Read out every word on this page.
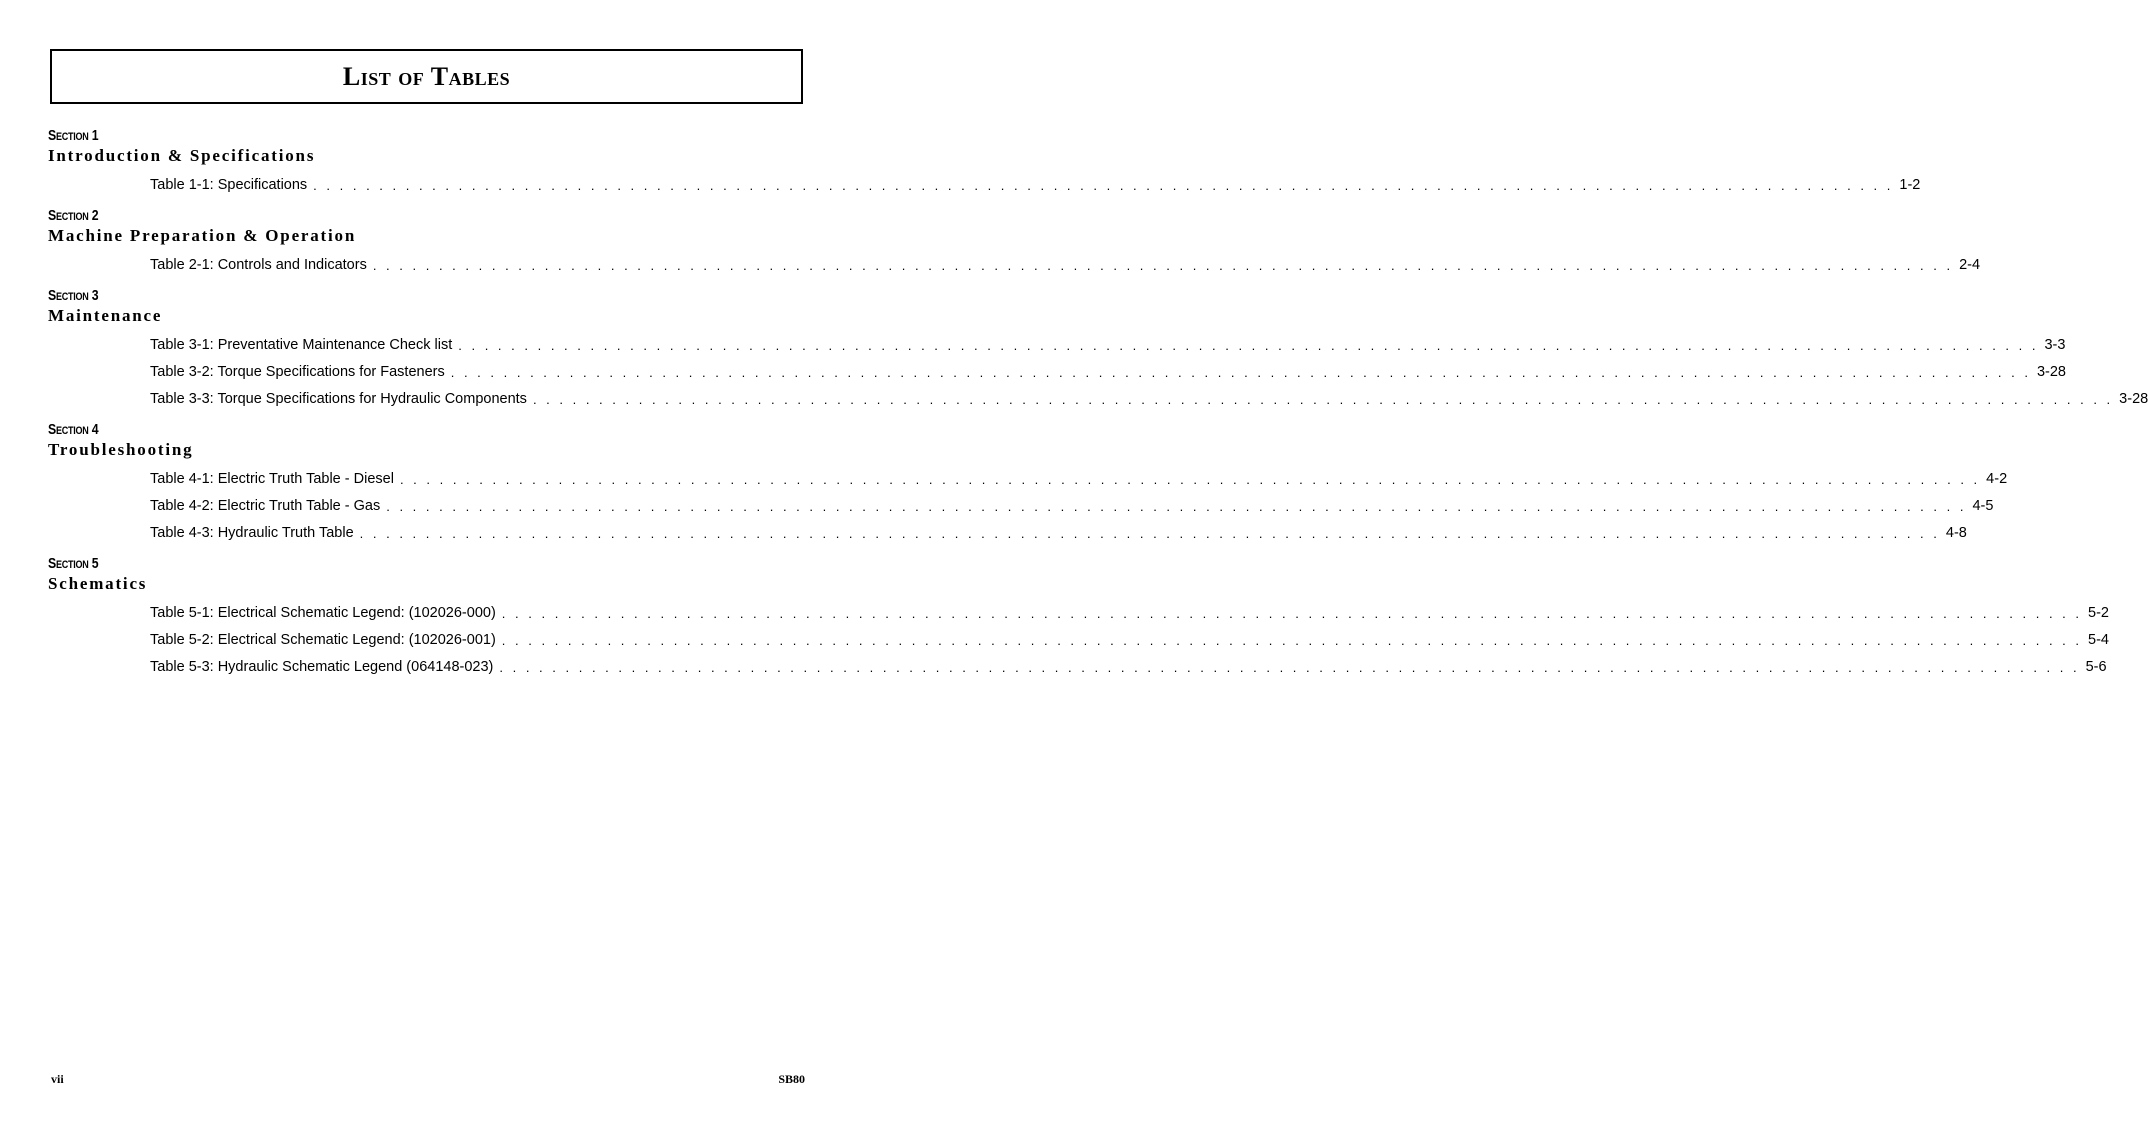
List of Tables
Section 1
Introduction & Specifications
Table 1-1: Specifications . . . . . . . . . . . . . . . . . . . . . . . . . . . . . . . . . . . . . . . . . . . . . . . . . . . . . . . . . . . . . . . . . . . . . . . . . . . . . . . . . . . . . . . . . . . . . . . . . . . . . . . . . . . . . . . . . . . . . . . . 1-2
Section 2
Machine Preparation & Operation
Table 2-1: Controls and Indicators . . . . . . . . . . . . . . . . . . . . . . . . . . . . . . . . . . . . . . . . . . . . . . . . . . . . . . . . . . . . . . . . . . . . . . . . . . . . . . . . . . . . . . . . . . . . . . . . . . . . . . . . . . . . . . . . . . . . . . . . 2-4
Section 3
Maintenance
Table 3-1: Preventative Maintenance Check list . . . . . . . . . . . . . . . . . . . . . . . . . . . . . . . . . . . . . . . . . . . . . . . . . . . . . . . . . . . . . . . . . . . . . . . . . . . . . . . . . . . . . . . . . . . . . . . . . . . . . . . . . . . . . . . . . . . . . . . . 3-3
Table 3-2: Torque Specifications for Fasteners . . . . . . . . . . . . . . . . . . . . . . . . . . . . . . . . . . . . . . . . . . . . . . . . . . . . . . . . . . . . . . . . . . . . . . . . . . . . . . . . . . . . . . . . . . . . . . . . . . . . . . . . . . . . . . . . . . . . . . . . 3-28
Table 3-3: Torque Specifications for Hydraulic Components . . . . . . . . . . . . . . . . . . . . . . . . . . . . . . . . . . . . . . . . . . . . . . . . . . . . . . . . . . . . . . . . . . . . . . . . . . . . . . . . . . . . . . . . . . . . . . . . . . . . . . . . . . . . . . . . . . . . . . . . 3-28
Section 4
Troubleshooting
Table 4-1: Electric Truth Table - Diesel . . . . . . . . . . . . . . . . . . . . . . . . . . . . . . . . . . . . . . . . . . . . . . . . . . . . . . . . . . . . . . . . . . . . . . . . . . . . . . . . . . . . . . . . . . . . . . . . . . . . . . . . . . . . . . . . . . . . . . . . 4-2
Table 4-2: Electric Truth Table - Gas . . . . . . . . . . . . . . . . . . . . . . . . . . . . . . . . . . . . . . . . . . . . . . . . . . . . . . . . . . . . . . . . . . . . . . . . . . . . . . . . . . . . . . . . . . . . . . . . . . . . . . . . . . . . . . . . . . . . . . . . 4-5
Table 4-3: Hydraulic Truth Table . . . . . . . . . . . . . . . . . . . . . . . . . . . . . . . . . . . . . . . . . . . . . . . . . . . . . . . . . . . . . . . . . . . . . . . . . . . . . . . . . . . . . . . . . . . . . . . . . . . . . . . . . . . . . . . . . . . . . . . . 4-8
Section 5
Schematics
Table 5-1: Electrical Schematic Legend: (102026-000) . . . . . . . . . . . . . . . . . . . . . . . . . . . . . . . . . . . . . . . . . . . . . . . . . . . . . . . . . . . . . . . . . . . . . . . . . . . . . . . . . . . . . . . . . . . . . . . . . . . . . . . . . . . . . . . . . . . . . . . . 5-2
Table 5-2: Electrical Schematic Legend: (102026-001) . . . . . . . . . . . . . . . . . . . . . . . . . . . . . . . . . . . . . . . . . . . . . . . . . . . . . . . . . . . . . . . . . . . . . . . . . . . . . . . . . . . . . . . . . . . . . . . . . . . . . . . . . . . . . . . . . . . . . . . . 5-4
Table 5-3: Hydraulic Schematic Legend (064148-023) . . . . . . . . . . . . . . . . . . . . . . . . . . . . . . . . . . . . . . . . . . . . . . . . . . . . . . . . . . . . . . . . . . . . . . . . . . . . . . . . . . . . . . . . . . . . . . . . . . . . . . . . . . . . . . . . . . . . . . . . 5-6
vii	SB80
